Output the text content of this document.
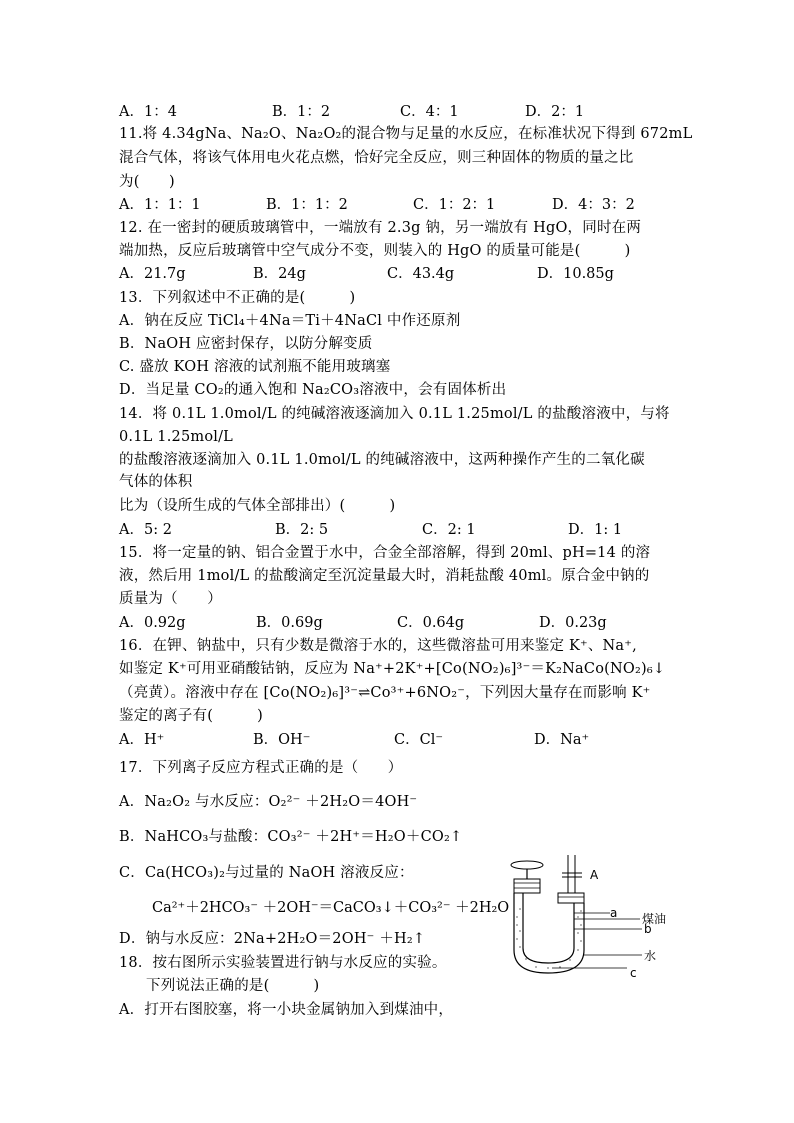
A．1：4	B．1：2	C．4：1	D．2：1
11.将 4.34gNa、Na₂O、Na₂O₂的混合物与足量的水反应，在标准状况下得到 672mL
混合气体，将该气体用电火花点燃，恰好完全反应，则三种固体的物质的量之比
为(　　)
A．1：1：1	B．1：1：2	C．1：2：1	D．4：3：2
12. 在一密封的硬质玻璃管中，一端放有 2.3g 钠，另一端放有 HgO，同时在两
端加热，反应后玻璃管中空气成分不变，则装入的 HgO 的质量可能是(　　　)
A．21.7g	B．24g	C．43.4g	D．10.85g
13．下列叙述中不正确的是(　　　)
A．钠在反应 TiCl₄＋4Na＝Ti＋4NaCl 中作还原剂
B．NaOH 应密封保存，以防分解变质
C. 盛放 KOH 溶液的试剂瓶不能用玻璃塞
D．当足量 CO₂的通入饱和 Na₂CO₃溶液中，会有固体析出
14．将 0.1L 1.0mol/L 的纯碱溶液逐滴加入 0.1L 1.25mol/L 的盐酸溶液中，与将
0.1L 1.25mol/L
的盐酸溶液逐滴加入 0.1L 1.0mol/L 的纯碱溶液中，这两种操作产生的二氧化碳
气体的体积
比为（设所生成的气体全部排出）(　　　)
A．5: 2	B．2: 5	C．2: 1	D．1: 1
15．将一定量的钠、铝合金置于水中，合金全部溶解，得到 20ml、pH=14 的溶
液，然后用 1mol/L 的盐酸滴定至沉淀量最大时，消耗盐酸 40ml。原合金中钠的
质量为（　　）
A．0.92g	B．0.69g	C．0.64g	D．0.23g
16．在钾、钠盐中，只有少数是微溶于水的，这些微溶盐可用来鉴定 K⁺、Na⁺,
如鉴定 K⁺可用亚硝酸钴钠，反应为 Na⁺+2K⁺+[Co(NO₂)₆]³⁻＝K₂NaCo(NO₂)₆↓
（亮黄）。溶液中存在 [Co(NO₂)₆]³⁻⇌Co³⁺+6NO₂⁻，下列因大量存在而影响 K⁺
鉴定的离子有(　　　)
A．H⁺	B．OH⁻	C．Cl⁻	D．Na⁺
17．下列离子反应方程式正确的是（　　）
A．Na₂O₂ 与水反应：O₂²⁻ ＋2H₂O＝4OH⁻
B．NaHCO₃与盐酸：CO₃²⁻ ＋2H⁺＝H₂O＋CO₂↑
C．Ca(HCO₃)₂与过量的 NaOH 溶液反应：
Ca²⁺＋2HCO₃⁻ ＋2OH⁻＝CaCO₃↓＋CO₃²⁻ ＋2H₂O
D．钠与水反应：2Na+2H₂O＝2OH⁻ ＋H₂↑
18．按右图所示实验装置进行钠与水反应的实验。
下列说法正确的是(　　　)
A．打开右图胶塞，将一小块金属钠加入到煤油中，
A
a 煤油
b
水
c
